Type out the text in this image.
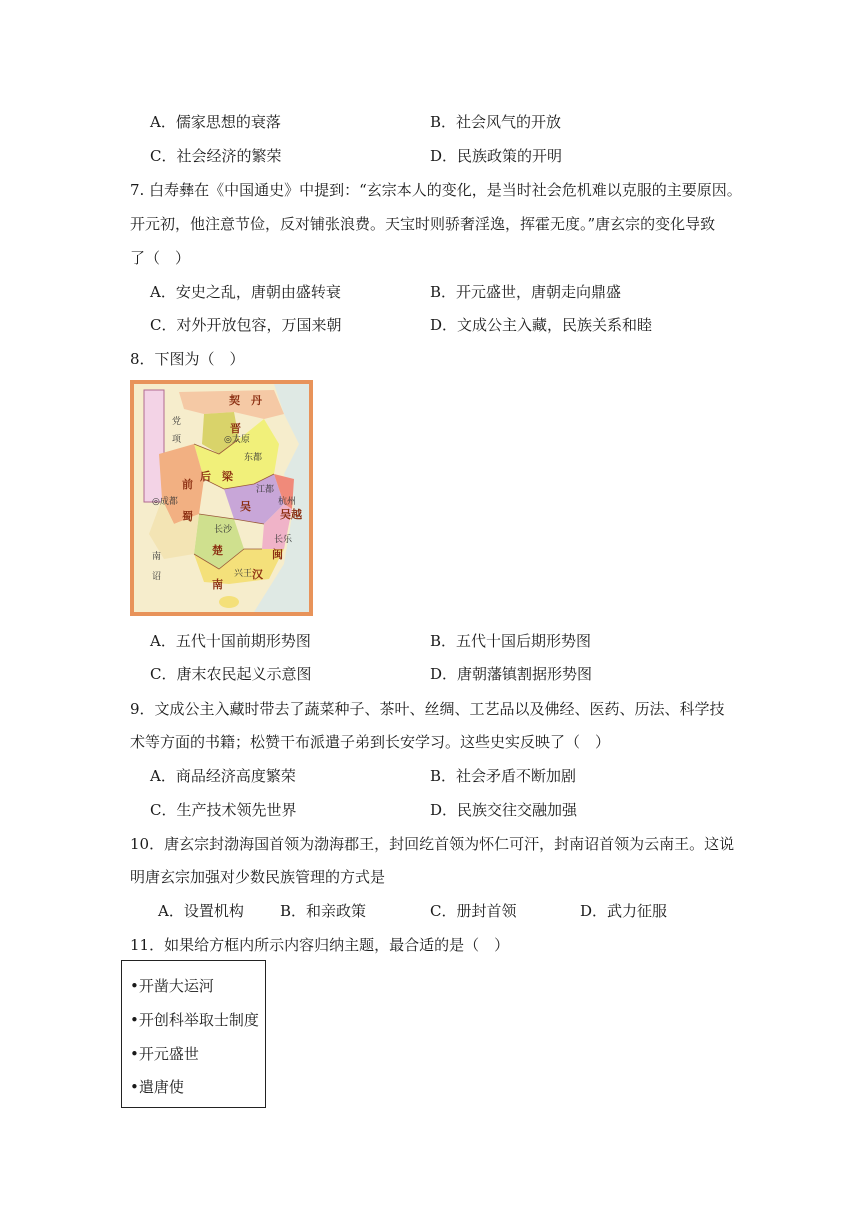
A．儒家思想的衰落	B．社会风气的开放
C．社会经济的繁荣	D．民族政策的开明
7. 白寿彝在《中国通史》中提到：“玄宗本人的变化，是当时社会危机难以克服的主要原因。
开元初，他注意节俭，反对铺张浪费。天宝时则骄奢淫逸，挥霍无度。”唐玄宗的变化导致
了（　）
A．安史之乱，唐朝由盛转衰	B．开元盛世，唐朝走向鼎盛
C．对外开放包容，万国来朝	D．文成公主入藏，民族关系和睦
8．下图为（　）
契　丹
党
项
晋
◎太原
东都
后　梁
前
◎成都
蜀
江都
吴	杭州
吴越
长沙
楚
长乐
闽
南
汉
兴王
南
诏
A．五代十国前期形势图	B．五代十国后期形势图
C．唐末农民起义示意图	D．唐朝藩镇割据形势图
9．文成公主入藏时带去了蔬菜种子、茶叶、丝绸、工艺品以及佛经、医药、历法、科学技
术等方面的书籍；松赞干布派遣子弟到长安学习。这些史实反映了（　）
A．商品经济高度繁荣	B．社会矛盾不断加剧
C．生产技术领先世界	D．民族交往交融加强
10．唐玄宗封渤海国首领为渤海郡王，封回纥首领为怀仁可汗，封南诏首领为云南王。这说
明唐玄宗加强对少数民族管理的方式是
A．设置机构 B．和亲政策	C．册封首领	D．武力征服
11．如果给方框内所示内容归纳主题，最合适的是（　）
•开凿大运河
•开创科举取士制度
•开元盛世
•遣唐使
